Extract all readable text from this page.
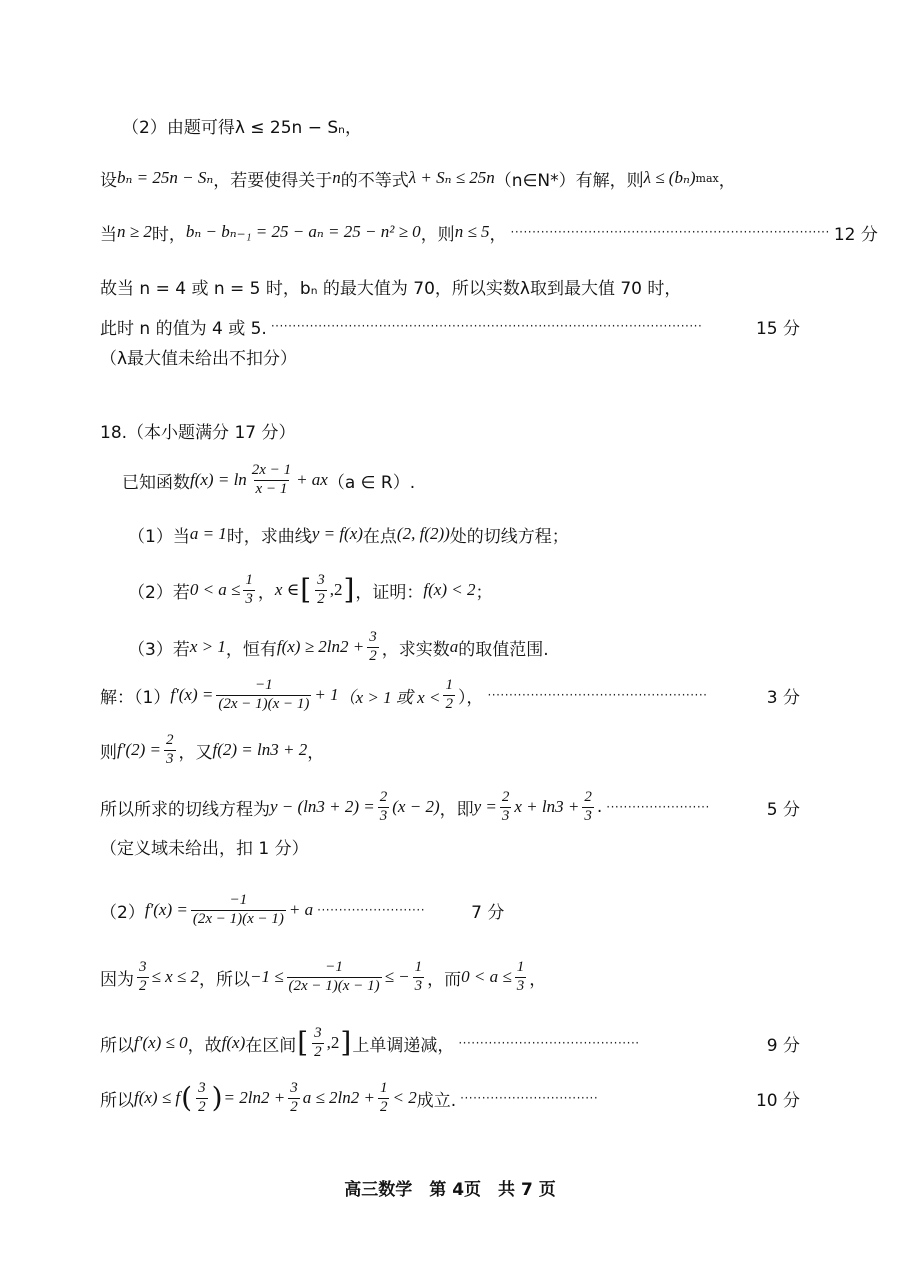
（2）由题可得λ ≤ 25n − Sₙ，
设 bₙ = 25n − Sₙ ，若要使得关于 n 的不等式 λ + Sₙ ≤ 25n （n∈N*）有解，则 λ ≤ (bₙ) max ，
当 n ≥ 2 时， bₙ − bₙ₋₁ = 25 − aₙ = 25 − n² ≥ 0 ，则 n ≤ 5 ， ·········································································· 12 分
故当 n = 4 或 n = 5 时，bₙ 的最大值为 70，所以实数λ取到最大值 70 时，
此时 n 的值为 4 或 5. ····································································································	15 分
（λ最大值未给出不扣分）
18.（本小题满分 17 分）
已知函数 $f(x) = \ln \frac{2x - 1}{x - 1}$ + ax （a ∈ R）.
（1）当 a = 1 时，求曲线 y = f(x) 在点 (2, f(2)) 处的切线方程；
（2）若 $0 < a \le \frac{1}{3}$ ， x ∈ [ $\frac{3}{2} ,2$ ] ，证明： f(x) < 2 ；
（3）若 x > 1 ，恒有 $f(x) \ge 2\ln 2 + \frac{3}{2}$ ，求实数 a 的取值范围.
解：（1） $f'(x) = \frac{-1}{(2x - 1)(x - 1)} + 1$ （x > 1 或 $x < \frac{1}{2}$ ）， ···················································	3 分
则 $f'(2) = \frac{2}{3}$ ，又 f(2) = ln3 + 2 ，
所以所求的切线方程为 $y - (\ln 3 + 2) = \frac{2}{3} (x - 2)$ ，即 $y = \frac{2}{3}$ $x + \ln 3 + \frac{2}{3}$ . ························	5 分
（定义域未给出，扣 1 分）
（2） $f'(x) = \frac{-1}{(2x - 1)(x - 1)} + a$ ·························	7 分
因为 $\frac{3}{2} \le x \le 2$ ，所以 $-1 \le \frac{-1}{(2x - 1)(x - 1)}$ ≤ − $\frac{1}{3}$ ，而 $0 < a \le \frac{1}{3}$ ，
所以 f′(x) ≤ 0 ，故 f(x) 在区间 [ $\frac{3}{2} ,2$ ] 上单调递减， ··········································	9 分
所以 f(x) ≤ f ( $\frac{3}{2}$ ) = $2\ln 2 + \frac{3}{2}$ $a \le 2\ln 2 + \frac{1}{2} < 2$ 成立. ································	10 分
高三数学　第 4页　共 7 页
